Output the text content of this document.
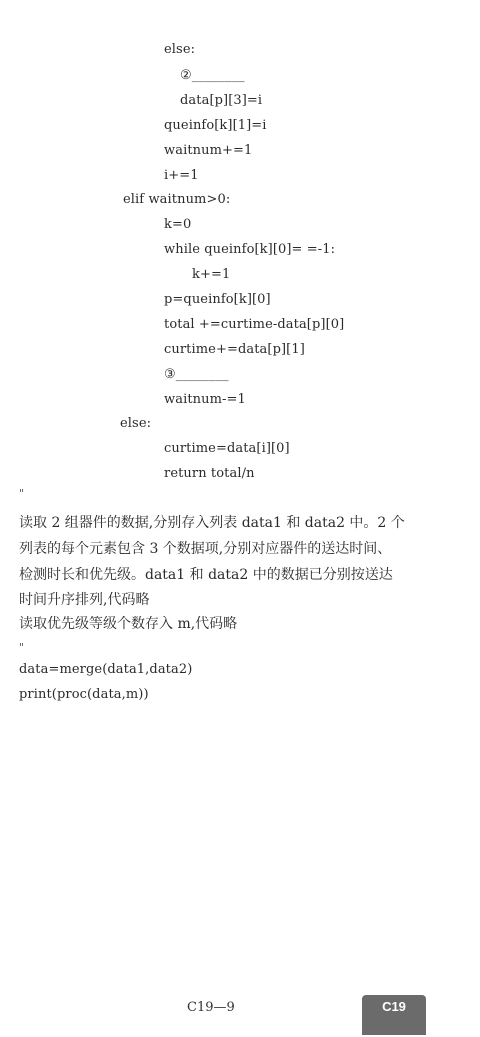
else:
②________
data[p][3]=i
queinfo[k][1]=i
waitnum+=1
i+=1
elif waitnum>0:
k=0
while queinfo[k][0]= =-1:
k+=1
p=queinfo[k][0]
total +=curtime-data[p][0]
curtime+=data[p][1]
③________
waitnum-=1
else:
curtime=data[i][0]
return total/n
"
读取 2 组器件的数据,分别存入列表 data1 和 data2 中。2 个
列表的每个元素包含 3 个数据项,分别对应器件的送达时间、
检测时长和优先级。data1 和 data2 中的数据已分别按送达
时间升序排列,代码略
读取优先级等级个数存入 m,代码略
"
data=merge(data1,data2)
print(proc(data,m))
C19—9	C19
